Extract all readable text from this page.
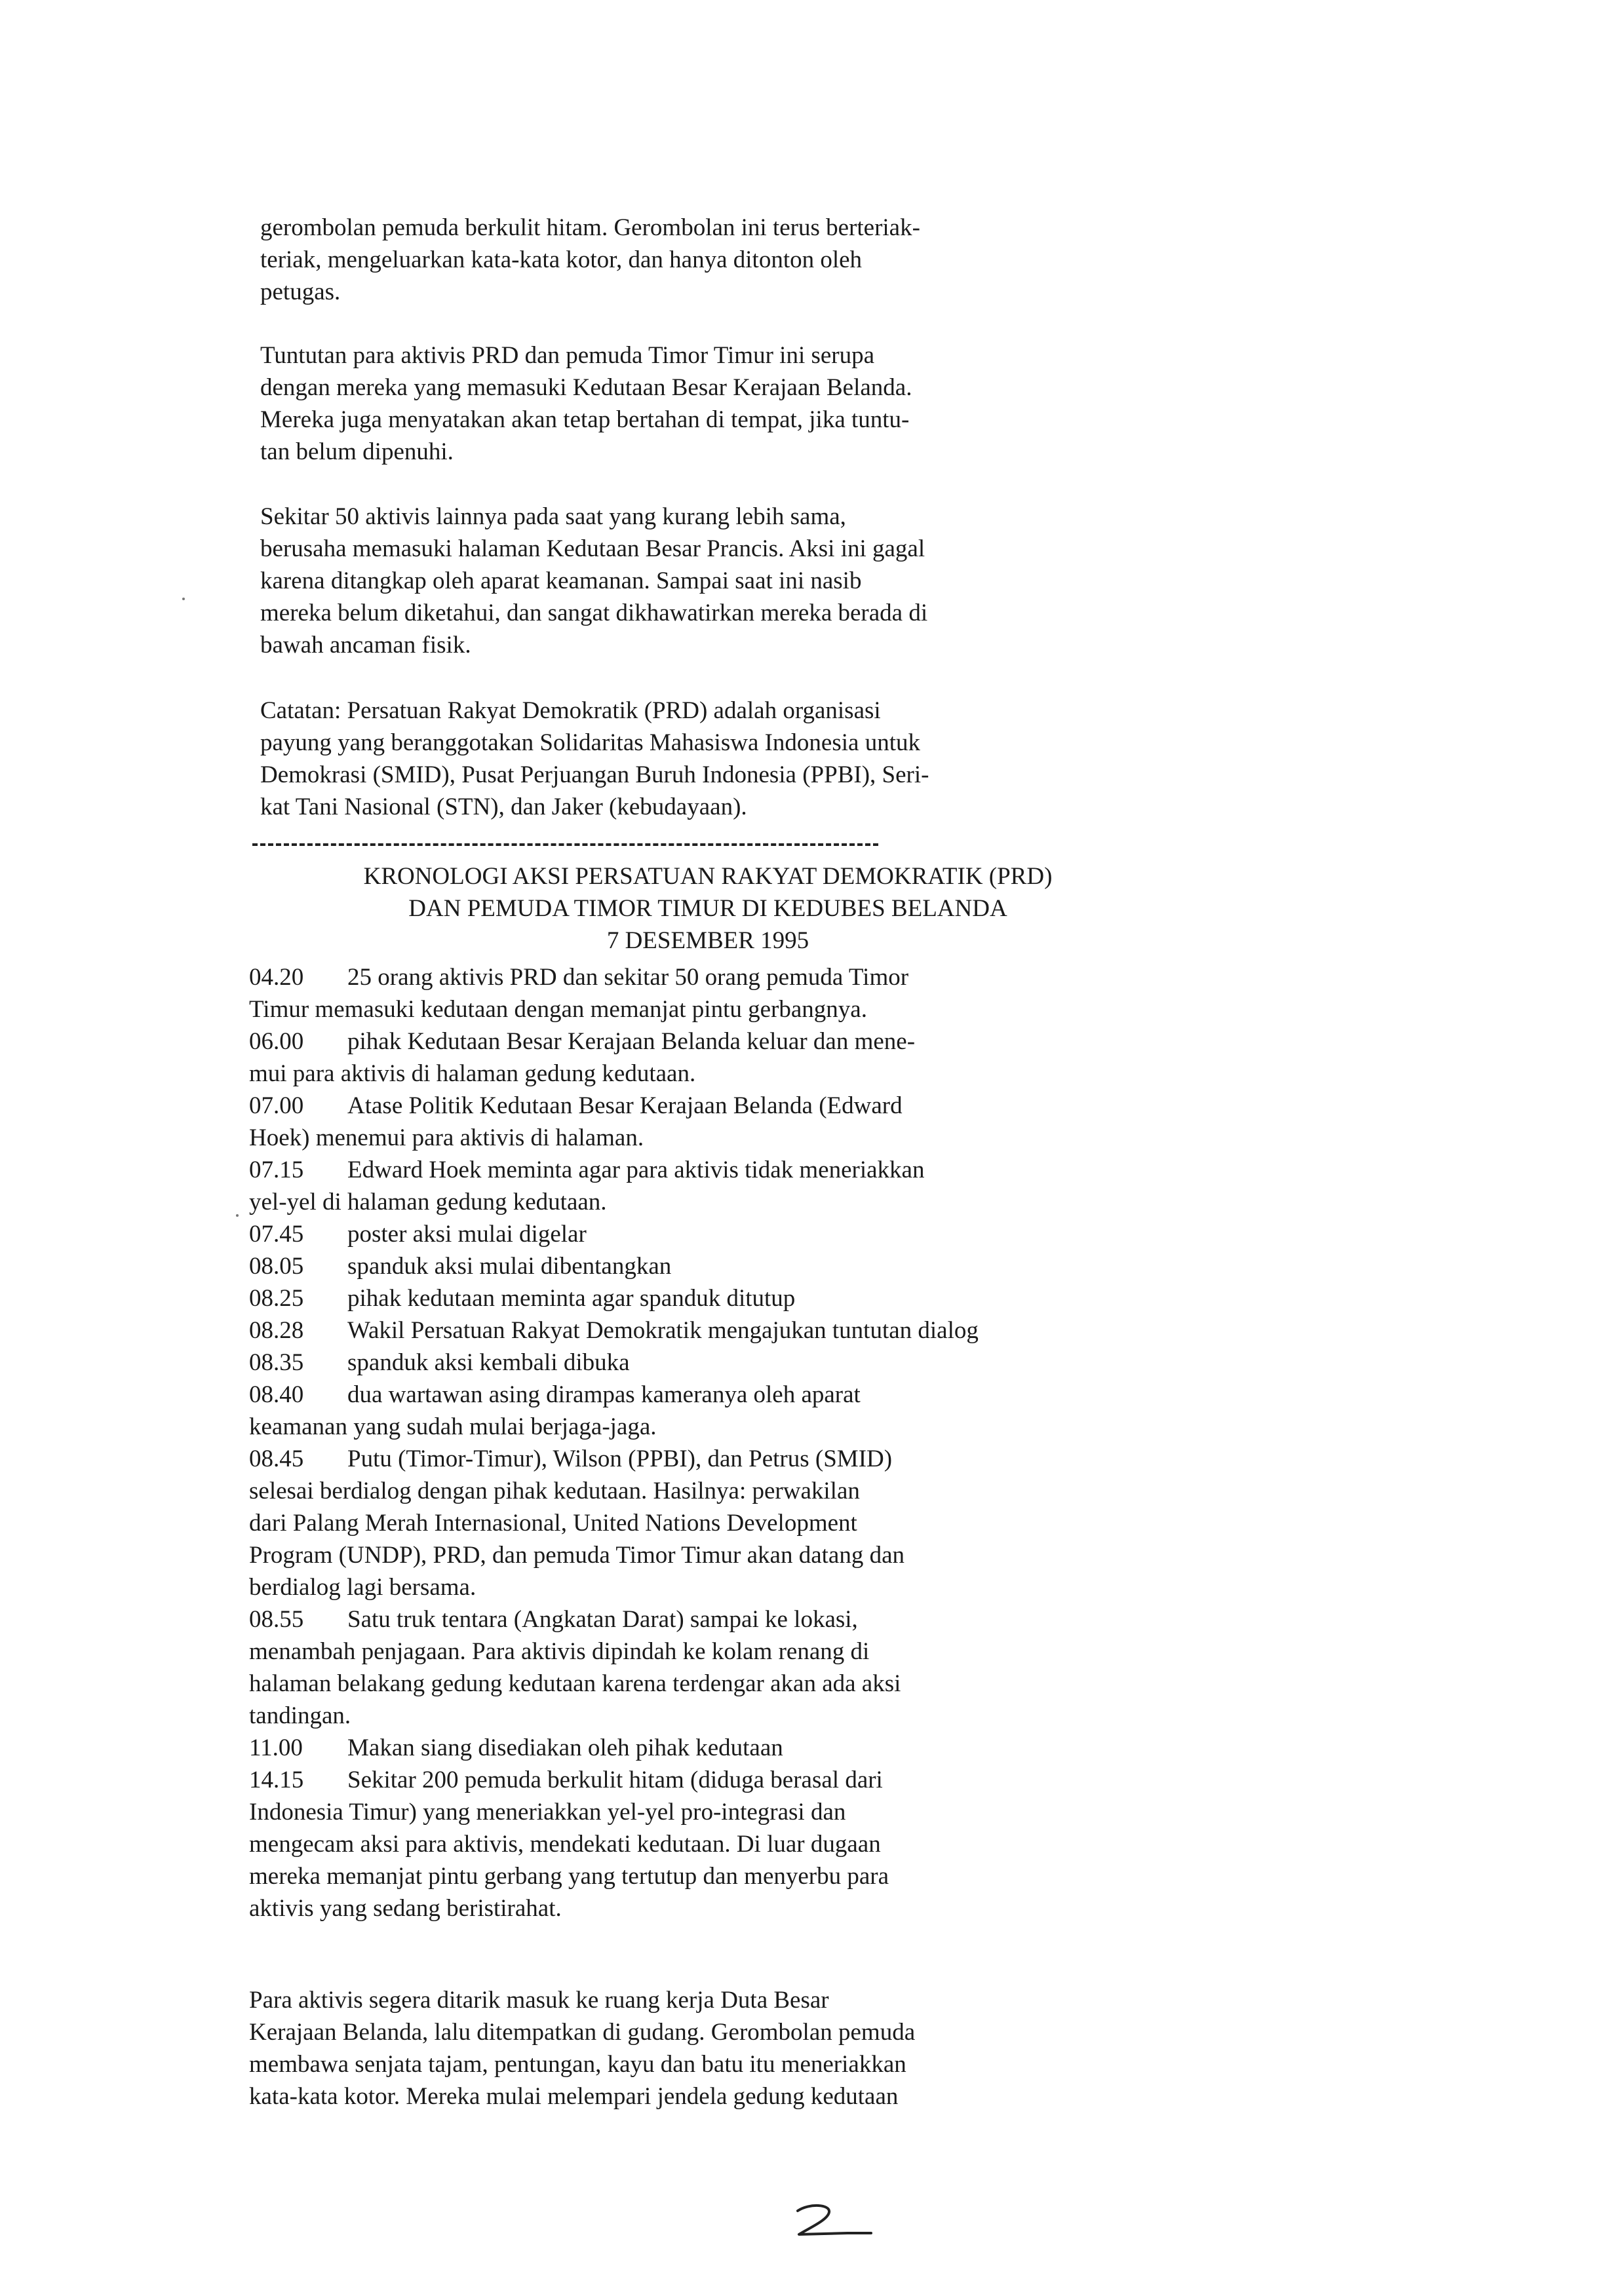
gerombolan pemuda berkulit hitam. Gerombolan ini terus berteriak-
teriak, mengeluarkan kata-kata kotor, dan hanya ditonton oleh
petugas.
Tuntutan para aktivis PRD dan pemuda Timor Timur ini serupa
dengan mereka yang memasuki Kedutaan Besar Kerajaan Belanda.
Mereka juga menyatakan akan tetap bertahan di tempat, jika tuntu-
tan belum dipenuhi.
Sekitar 50 aktivis lainnya pada saat yang kurang lebih sama,
berusaha memasuki halaman Kedutaan Besar Prancis. Aksi ini gagal
karena ditangkap oleh aparat keamanan. Sampai saat ini nasib
mereka belum diketahui, dan sangat dikhawatirkan mereka berada di
bawah ancaman fisik.
Catatan: Persatuan Rakyat Demokratik (PRD) adalah organisasi
payung yang beranggotakan Solidaritas Mahasiswa Indonesia untuk
Demokrasi (SMID), Pusat Perjuangan Buruh Indonesia (PPBI), Seri-
kat Tani Nasional (STN), dan Jaker (kebudayaan).
KRONOLOGI AKSI PERSATUAN RAKYAT DEMOKRATIK (PRD)
DAN PEMUDA TIMOR TIMUR DI KEDUBES BELANDA
7 DESEMBER 1995
04.20 25 orang aktivis PRD dan sekitar 50 orang pemuda Timor
Timur memasuki kedutaan dengan memanjat pintu gerbangnya.
06.00 pihak Kedutaan Besar Kerajaan Belanda keluar dan mene-
mui para aktivis di halaman gedung kedutaan.
07.00 Atase Politik Kedutaan Besar Kerajaan Belanda (Edward
Hoek) menemui para aktivis di halaman.
07.15 Edward Hoek meminta agar para aktivis tidak meneriakkan
yel-yel di halaman gedung kedutaan.
07.45 poster aksi mulai digelar
08.05 spanduk aksi mulai dibentangkan
08.25 pihak kedutaan meminta agar spanduk ditutup
08.28 Wakil Persatuan Rakyat Demokratik mengajukan tuntutan dialog
08.35 spanduk aksi kembali dibuka
08.40 dua wartawan asing dirampas kameranya oleh aparat
keamanan yang sudah mulai berjaga-jaga.
08.45 Putu (Timor-Timur), Wilson (PPBI), dan Petrus (SMID)
selesai berdialog dengan pihak kedutaan. Hasilnya: perwakilan
dari Palang Merah Internasional, United Nations Development
Program (UNDP), PRD, dan pemuda Timor Timur akan datang dan
berdialog lagi bersama.
08.55 Satu truk tentara (Angkatan Darat) sampai ke lokasi,
menambah penjagaan. Para aktivis dipindah ke kolam renang di
halaman belakang gedung kedutaan karena terdengar akan ada aksi
tandingan.
11.00 Makan siang disediakan oleh pihak kedutaan
14.15 Sekitar 200 pemuda berkulit hitam (diduga berasal dari
Indonesia Timur) yang meneriakkan yel-yel pro-integrasi dan
mengecam aksi para aktivis, mendekati kedutaan. Di luar dugaan
mereka memanjat pintu gerbang yang tertutup dan menyerbu para
aktivis yang sedang beristirahat.
Para aktivis segera ditarik masuk ke ruang kerja Duta Besar
Kerajaan Belanda, lalu ditempatkan di gudang. Gerombolan pemuda
membawa senjata tajam, pentungan, kayu dan batu itu meneriakkan
kata-kata kotor. Mereka mulai melempari jendela gedung kedutaan
